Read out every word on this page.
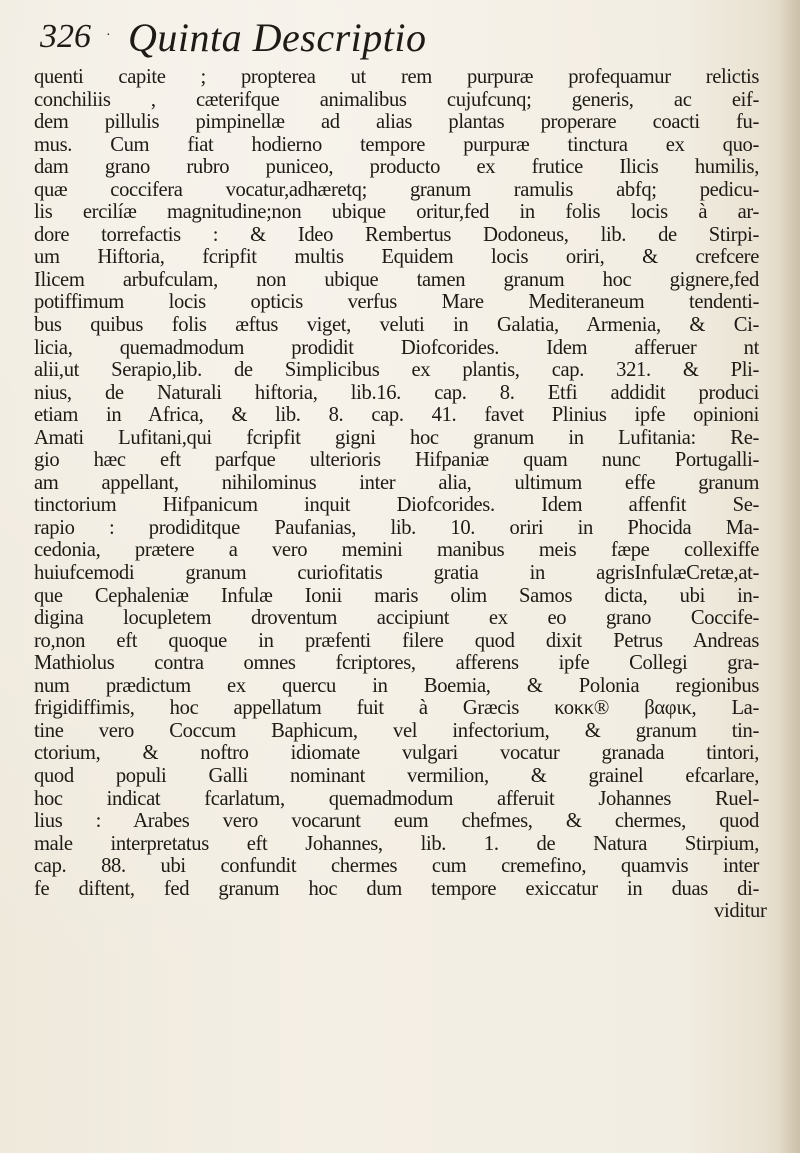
326 · Quinta Descriptio
quenti capite ; propterea ut rem purpuræ profequamur relictis
conchiliis , cæterifque animalibus cujufcunq; generis, ac eif-
dem pillulis pimpinellæ ad alias plantas properare coacti fu-
mus. Cum fiat hodierno tempore purpuræ tinctura ex quo-
dam grano rubro puniceo, producto ex frutice Ilicis humilis,
quæ coccifera vocatur,adhæretq; granum ramulis abfq; pedicu-
lis ercilíæ magnitudine;non ubique oritur,fed in folis locis à ar-
dore torrefactis : & Ideo Rembertus Dodoneus, lib. de Stirpi-
um Hiftoria, fcripfit multis Equidem locis oriri, & crefcere
Ilicem arbufculam, non ubique tamen granum hoc gignere,fed
potiffimum locis opticis verfus Mare Mediteraneum tendenti-
bus quibus folis æftus viget, veluti in Galatia, Armenia, & Ci-
licia, quemadmodum prodidit Diofcorides. Idem afferuer nt
alii,ut Serapio,lib. de Simplicibus ex plantis, cap. 321. & Pli-
nius, de Naturali hiftoria, lib.16. cap. 8. Etfi addidit produci
etiam in Africa, & lib. 8. cap. 41. favet Plinius ipfe opinioni
Amati Lufitani,qui fcripfit gigni hoc granum in Lufitania: Re-
gio hæc eft parfque ulterioris Hifpaniæ quam nunc Portugalli-
am appellant, nihilominus inter alia, ultimum effe granum
tinctorium Hifpanicum inquit Diofcorides. Idem affenfit Se-
rapio : prodiditque Paufanias, lib. 10. oriri in Phocida Ma-
cedonia, prætere a vero memini manibus meis fæpe collexiffe
huiufcemodi granum curiofitatis gratia in agrisInfulæCretæ,at-
que Cephaleniæ Infulæ Ionii maris olim Samos dicta, ubi in-
digina locupletem droventum accipiunt ex eo grano Coccife-
ro,non eft quoque in præfenti filere quod dixit Petrus Andreas
Mathiolus contra omnes fcriptores, afferens ipfe Collegi gra-
num prædictum ex quercu in Boemia, & Polonia regionibus
frigidiffimis, hoc appellatum fuit à Græcis κοκκ® βαφικ, La-
tine vero Coccum Baphicum, vel infectorium, & granum tin-
ctorium, & noftro idiomate vulgari vocatur granada tintori,
quod populi Galli nominant vermilion, & grainel efcarlare,
hoc indicat fcarlatum, quemadmodum afferuit Johannes Ruel-
lius : Arabes vero vocarunt eum chefmes, & chermes, quod
male interpretatus eft Johannes, lib. 1. de Natura Stirpium,
cap. 88. ubi confundit chermes cum cremefino, quamvis inter
fe diftent, fed granum hoc dum tempore exiccatur in duas di-
viditur
